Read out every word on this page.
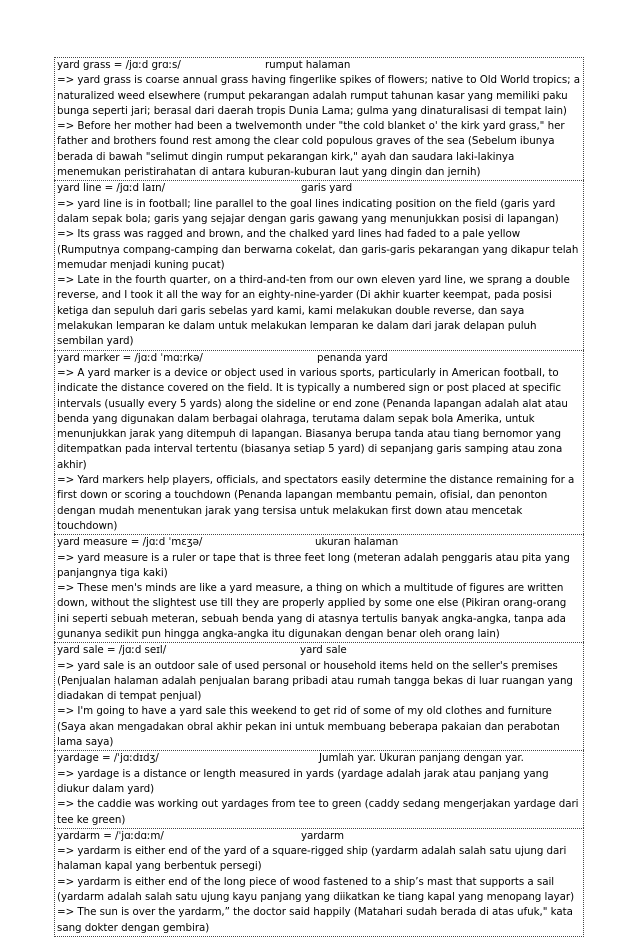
yard grass = /jɑːd grɑːs/	rumput halaman
=> yard grass is coarse annual grass having fingerlike spikes of flowers; native to Old World tropics; a naturalized weed elsewhere (rumput pekarangan adalah rumput tahunan kasar yang memiliki paku bunga seperti jari; berasal dari daerah tropis Dunia Lama; gulma yang dinaturalisasi di tempat lain)
=> Before her mother had been a twelvemonth under "the cold blanket o' the kirk yard grass," her father and brothers found rest among the clear cold populous graves of the sea (Sebelum ibunya berada di bawah "selimut dingin rumput pekarangan kirk," ayah dan saudara laki-lakinya menemukan peristirahatan di antara kuburan-kuburan laut yang dingin dan jernih)
yard line = /jɑːd laɪn/	garis yard
=> yard line is in football; line parallel to the goal lines indicating position on the field (garis yard dalam sepak bola; garis yang sejajar dengan garis gawang yang menunjukkan posisi di lapangan)
=> Its grass was ragged and brown, and the chalked yard lines had faded to a pale yellow (Rumputnya compang-camping dan berwarna cokelat, dan garis-garis pekarangan yang dikapur telah memudar menjadi kuning pucat)
=> Late in the fourth quarter, on a third-and-ten from our own eleven yard line, we sprang a double reverse, and I took it all the way for an eighty-nine-yarder (Di akhir kuarter keempat, pada posisi ketiga dan sepuluh dari garis sebelas yard kami, kami melakukan double reverse, dan saya melakukan lemparan ke dalam untuk melakukan lemparan ke dalam dari jarak delapan puluh sembilan yard)
yard marker = /jɑːd ˈmɑːrkə/	penanda yard
=> A yard marker is a device or object used in various sports, particularly in American football, to indicate the distance covered on the field. It is typically a numbered sign or post placed at specific intervals (usually every 5 yards) along the sideline or end zone (Penanda lapangan adalah alat atau benda yang digunakan dalam berbagai olahraga, terutama dalam sepak bola Amerika, untuk menunjukkan jarak yang ditempuh di lapangan. Biasanya berupa tanda atau tiang bernomor yang ditempatkan pada interval tertentu (biasanya setiap 5 yard) di sepanjang garis samping atau zona akhir)
=> Yard markers help players, officials, and spectators easily determine the distance remaining for a first down or scoring a touchdown (Penanda lapangan membantu pemain, ofisial, dan penonton dengan mudah menentukan jarak yang tersisa untuk melakukan first down atau mencetak touchdown)
yard measure = /jɑːd ˈmɛʒə/	ukuran halaman
=> yard measure is a ruler or tape that is three feet long (meteran adalah penggaris atau pita yang panjangnya tiga kaki)
=> These men's minds are like a yard measure, a thing on which a multitude of figures are written down, without the slightest use till they are properly applied by some one else (Pikiran orang-orang ini seperti sebuah meteran, sebuah benda yang di atasnya tertulis banyak angka-angka, tanpa ada gunanya sedikit pun hingga angka-angka itu digunakan dengan benar oleh orang lain)
yard sale = /jɑːd seɪl/	yard sale
=> yard sale is an outdoor sale of used personal or household items held on the seller's premises (Penjualan halaman adalah penjualan barang pribadi atau rumah tangga bekas di luar ruangan yang diadakan di tempat penjual)
=> I'm going to have a yard sale this weekend to get rid of some of my old clothes and furniture (Saya akan mengadakan obral akhir pekan ini untuk membuang beberapa pakaian dan perabotan lama saya)
yardage = /ˈjɑːdɪdʒ/	Jumlah yar. Ukuran panjang dengan yar.
=> yardage is a distance or length measured in yards (yardage adalah jarak atau panjang yang diukur dalam yard)
=> the caddie was working out yardages from tee to green (caddy sedang mengerjakan yardage dari tee ke green)
yardarm = /ˈjɑːdɑːm/	yardarm
=> yardarm is either end of the yard of a square-rigged ship (yardarm adalah salah satu ujung dari halaman kapal yang berbentuk persegi)
=> yardarm is either end of the long piece of wood fastened to a ship’s mast that supports a sail (yardarm adalah salah satu ujung kayu panjang yang diikatkan ke tiang kapal yang menopang layar)
=> The sun is over the yardarm,” the doctor said happily (Matahari sudah berada di atas ufuk," kata sang dokter dengan gembira)
